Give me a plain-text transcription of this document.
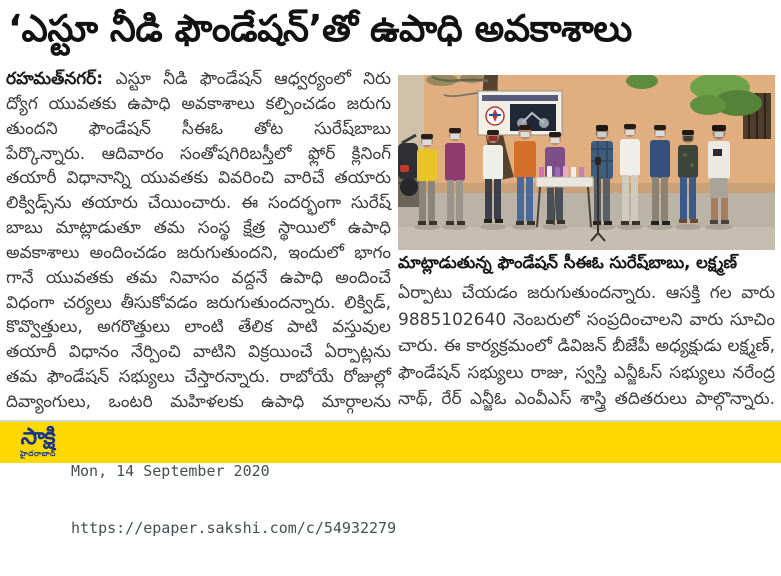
‘ఎస్టూ నీడి ఫౌండేషన్’తో ఉపాధి అవకాశాలు
రహమత్‌నగర్: ఎస్టూ నీడి ఫౌండేషన్ ఆధ్వర్యంలో నిరు
ద్యోగ యువతకు ఉపాధి అవకాశాలు కల్పించడం జరుగు
తుందని ఫౌండేషన్ సీఈఓ తోట సురేష్‌బాబు
పేర్కొన్నారు. ఆదివారం సంతోషగిరిబస్తీలో ఫ్లోర్ క్లినింగ్
తయారీ విధానాన్ని యువతకు వివరించి వారిచే తయారు
లిక్విడ్స్‌ను తయారు చేయించారు. ఈ సందర్భంగా సురేష్
బాబు మాట్లాడుతూ తమ సంస్థ క్షేత్ర స్థాయిలో ఉపాధి
అవకాశాలు అందించడం జరుగుతుందని, ఇందులో భాగం
గానే యువతకు తమ నివాసం వద్దనే ఉపాధి అందించే
విధంగా చర్యలు తీసుకోవడం జరుగుతుందన్నారు. లిక్విడ్,
కొవ్వొత్తులు, అగరొత్తులు లాంటి తేలిక పాటి వస్తువుల
తయారీ విధానం నేర్పించి వాటిని విక్రయించే ఏర్పాట్లను
తమ ఫౌండేషన్ సభ్యులు చేస్తారన్నారు. రాబోయే రోజుల్లో
దివ్యాంగులు, ఒంటరి మహిళలకు ఉపాధి మార్గాలను
మాట్లాడుతున్న ఫౌండేషన్ సీఈఓ సురేష్‌బాబు, లక్ష్మణ్
ఏర్పాటు చేయడం జరుగుతుందన్నారు. ఆసక్తి గల వారు
9885102640 నెంబరులో సంప్రదించాలని వారు సూచిం
చారు. ఈ కార్యక్రమంలో డివిజన్ బీజేపీ అధ్యక్షుడు లక్ష్మణ్,
ఫౌండేషన్ సభ్యులు రాజు, స్వస్తి ఎన్జీఓస్ సభ్యులు నరేంద్ర
నాథ్, రేర్ ఎన్జీఓ ఎంవీఎస్ శాస్త్రి తదితరులు పాల్గొన్నారు.
సాక్షి
హైదరాబాద్

Mon, 14 September 2020

https://epaper.sakshi.com/c/54932279
